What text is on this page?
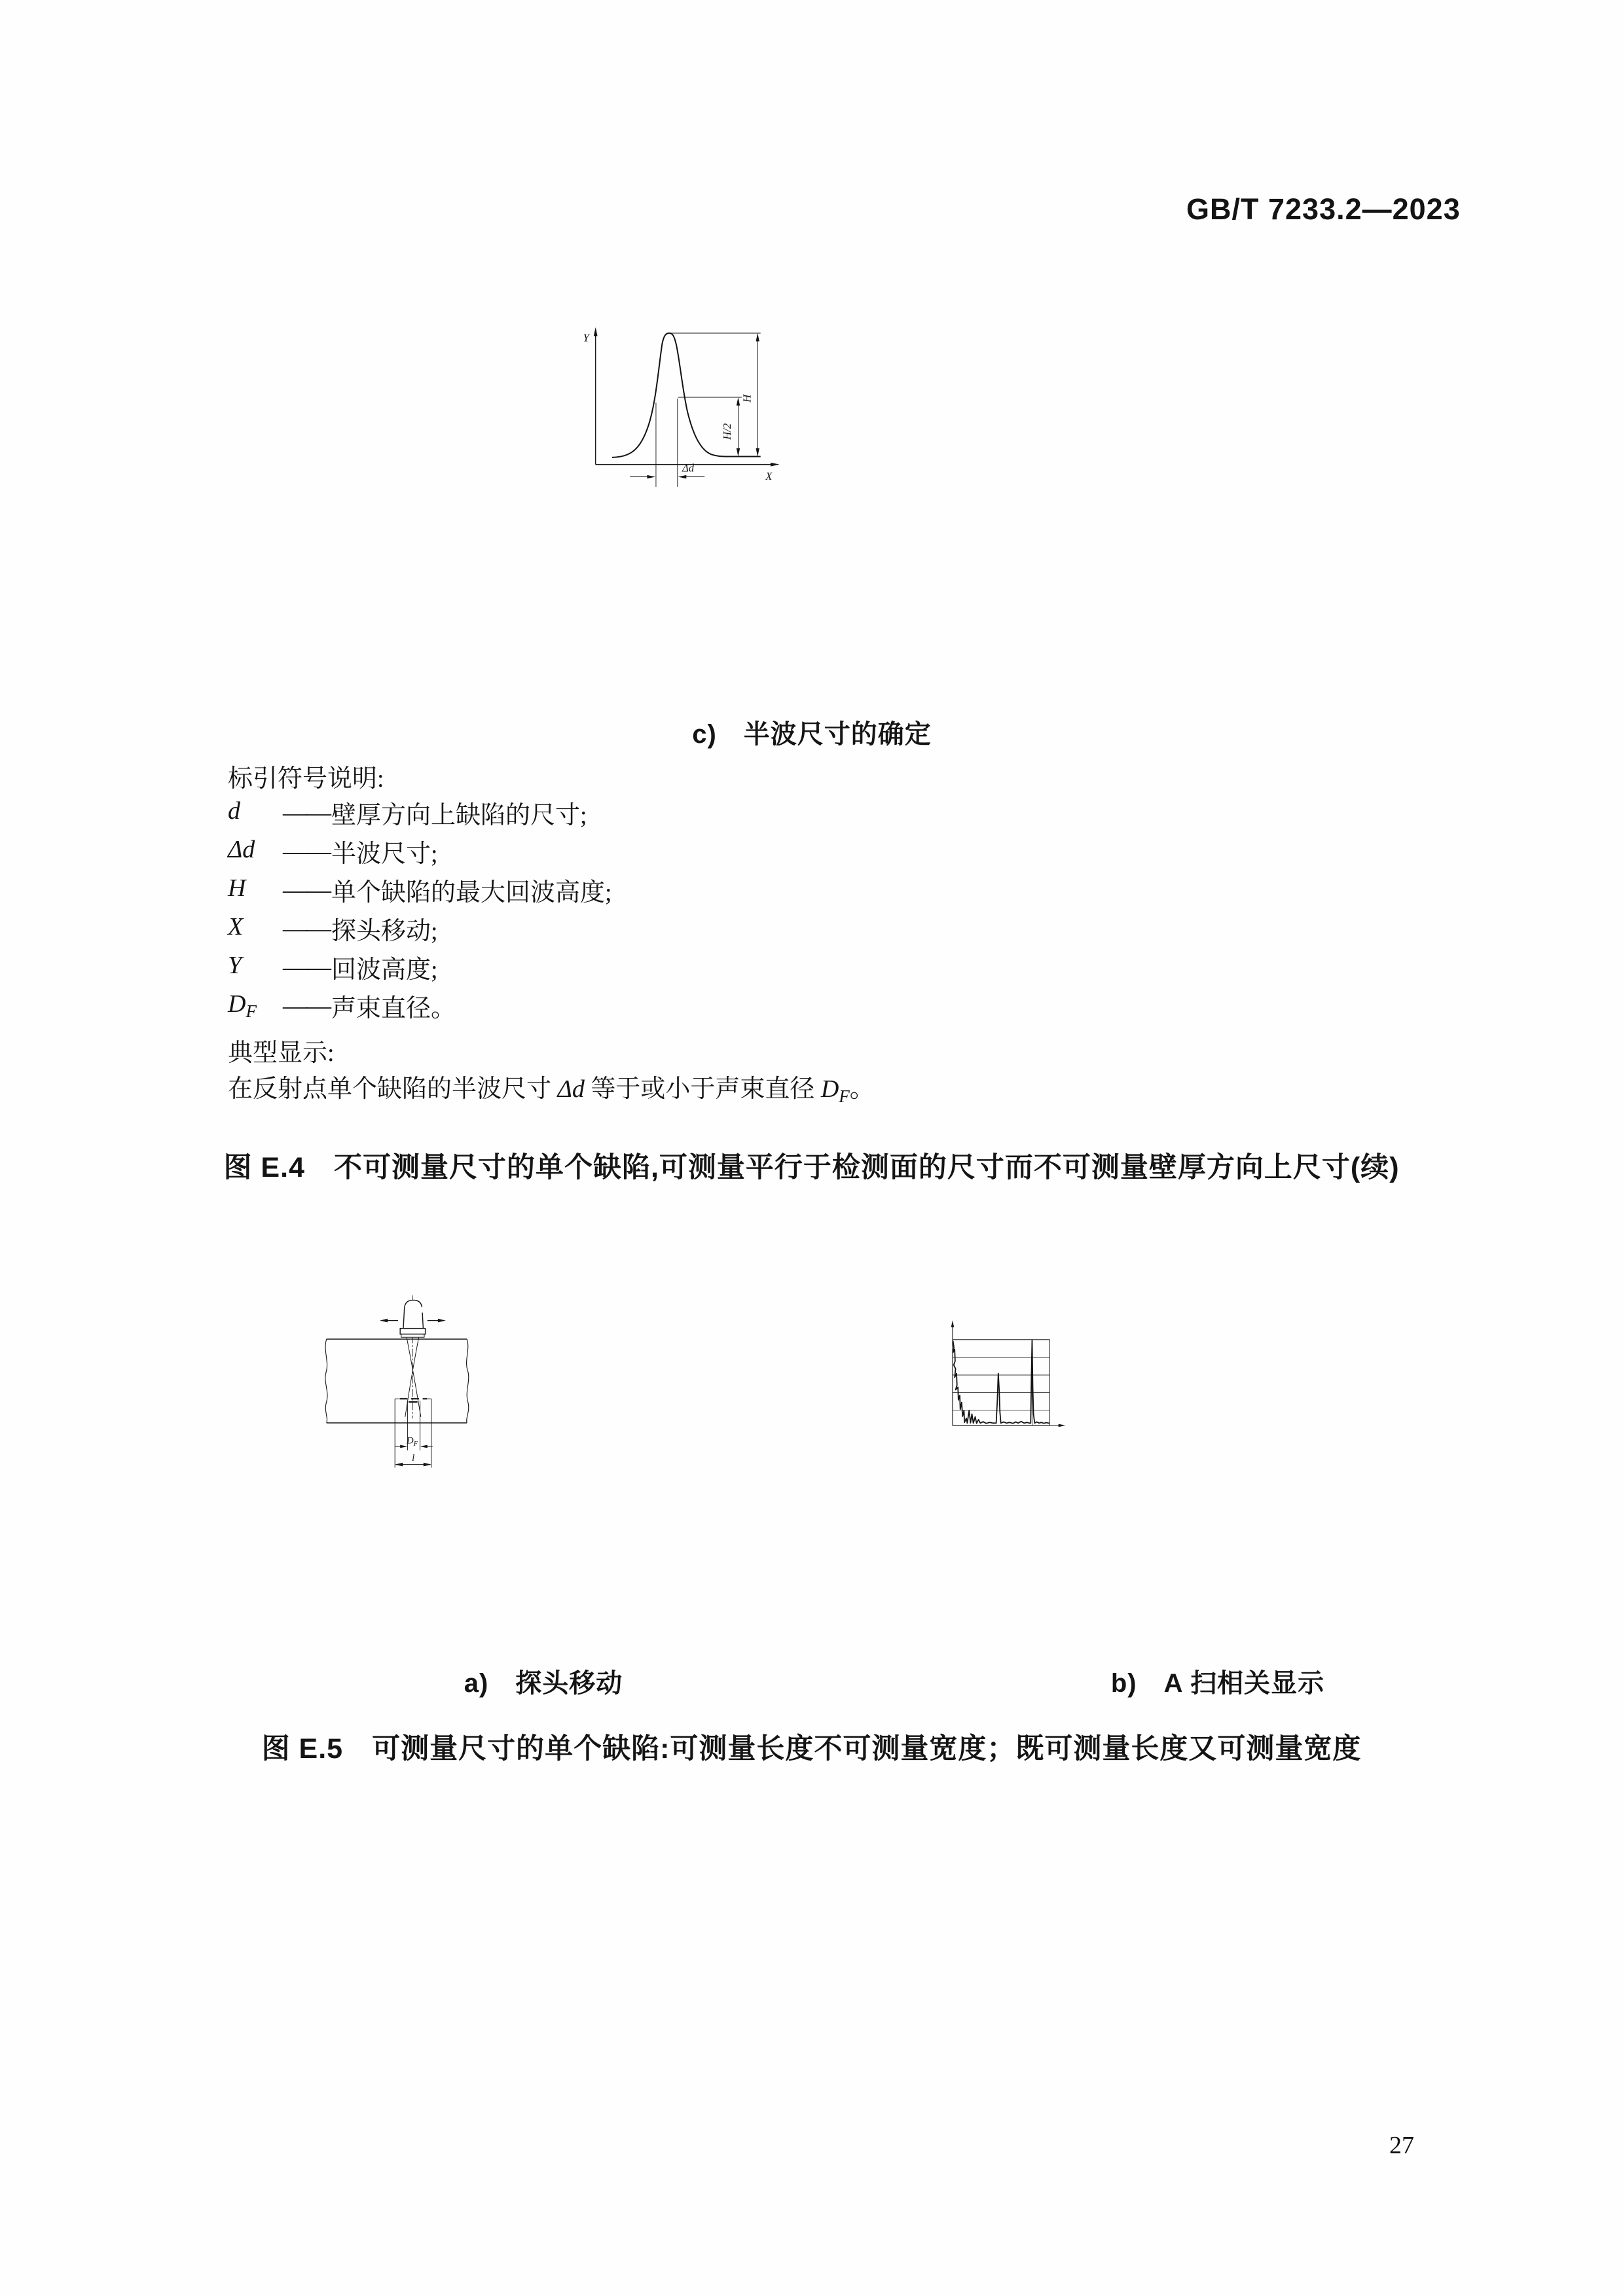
GB/T 7233.2—2023
Y
X
H
H/2
Δd
c)　半波尺寸的确定
标引符号说明:
d	—— 壁厚方向上缺陷的尺寸;
Δd	—— 半波尺寸;
H	—— 单个缺陷的最大回波高度;
X	—— 探头移动;
Y	—— 回波高度;
$D_F$	—— 声束直径。
典型显示:
在反射点单个缺陷的半波尺寸 Δd 等于或小于声束直径 $D_F$。
图 E.4　不可测量尺寸的单个缺陷,可测量平行于检测面的尺寸而不可测量壁厚方向上尺寸(续)
$D_F$
l
a)　探头移动	b)　A 扫相关显示
图 E.5　可测量尺寸的单个缺陷:可测量长度不可测量宽度；既可测量长度又可测量宽度
27
